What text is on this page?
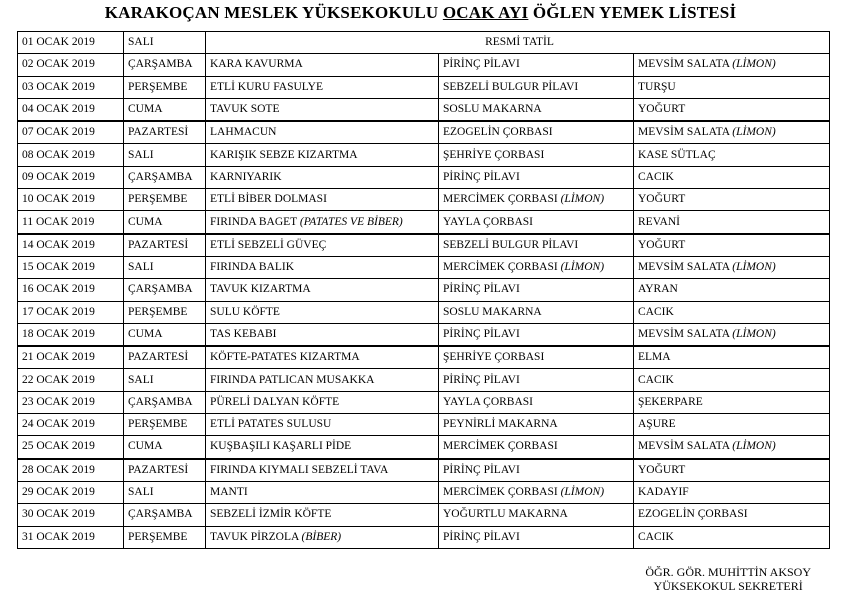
KARAKOÇAN MESLEK YÜKSEKOKULU OCAK AYI ÖĞLEN YEMEK LİSTESİ
01 OCAK 2019	SALI	RESMİ TATİL		
02 OCAK 2019	ÇARŞAMBA	KARA KAVURMA	PİRİNÇ PİLAVI	MEVSİM SALATA (LİMON)
03 OCAK 2019	PERŞEMBE	ETLİ KURU FASULYE	SEBZELİ BULGUR PİLAVI	TURŞU
04 OCAK 2019	CUMA	TAVUK SOTE	SOSLU MAKARNA	YOĞURT
07 OCAK 2019	PAZARTESİ	LAHMACUN	EZOGELİN ÇORBASI	MEVSİM SALATA (LİMON)
08 OCAK 2019	SALI	KARIŞIK SEBZE KIZARTMA	ŞEHRİYE ÇORBASI	KASE SÜTLAÇ
09 OCAK 2019	ÇARŞAMBA	KARNIYARIK	PİRİNÇ PİLAVI	CACIK
10 OCAK 2019	PERŞEMBE	ETLİ BİBER DOLMASI	MERCİMEK ÇORBASI (LİMON)	YOĞURT
11 OCAK 2019	CUMA	FIRINDA BAGET (PATATES VE BİBER)	YAYLA ÇORBASI	REVANİ
14 OCAK 2019	PAZARTESİ	ETLİ SEBZELİ GÜVEÇ	SEBZELİ BULGUR PİLAVI	YOĞURT
15 OCAK 2019	SALI	FIRINDA BALIK	MERCİMEK ÇORBASI (LİMON)	MEVSİM SALATA (LİMON)
16 OCAK 2019	ÇARŞAMBA	TAVUK KIZARTMA	PİRİNÇ PİLAVI	AYRAN
17 OCAK 2019	PERŞEMBE	SULU KÖFTE	SOSLU MAKARNA	CACIK
18 OCAK 2019	CUMA	TAS KEBABI	PİRİNÇ PİLAVI	MEVSİM SALATA (LİMON)
21 OCAK 2019	PAZARTESİ	KÖFTE-PATATES KIZARTMA	ŞEHRİYE ÇORBASI	ELMA
22 OCAK 2019	SALI	FIRINDA PATLICAN MUSAKKA	PİRİNÇ PİLAVI	CACIK
23 OCAK 2019	ÇARŞAMBA	PÜRELİ DALYAN KÖFTE	YAYLA ÇORBASI	ŞEKERPARE
24 OCAK 2019	PERŞEMBE	ETLİ PATATES SULUSU	PEYNİRLİ MAKARNA	AŞURE
25 OCAK 2019	CUMA	KUŞBAŞILI KAŞARLI PİDE	MERCİMEK ÇORBASI	MEVSİM SALATA (LİMON)
28 OCAK 2019	PAZARTESİ	FIRINDA KIYMALI SEBZELİ TAVA	PİRİNÇ PİLAVI	YOĞURT
29 OCAK 2019	SALI	MANTI	MERCİMEK ÇORBASI (LİMON)	KADAYIF
30 OCAK 2019	ÇARŞAMBA	SEBZELİ İZMİR KÖFTE	YOĞURTLU MAKARNA	EZOGELİN ÇORBASI
31 OCAK 2019	PERŞEMBE	TAVUK PİRZOLA (BİBER)	PİRİNÇ PİLAVI	CACIK
ÖĞR. GÖR. MUHİTTİN AKSOY
YÜKSEKOKUL SEKRETERİ
